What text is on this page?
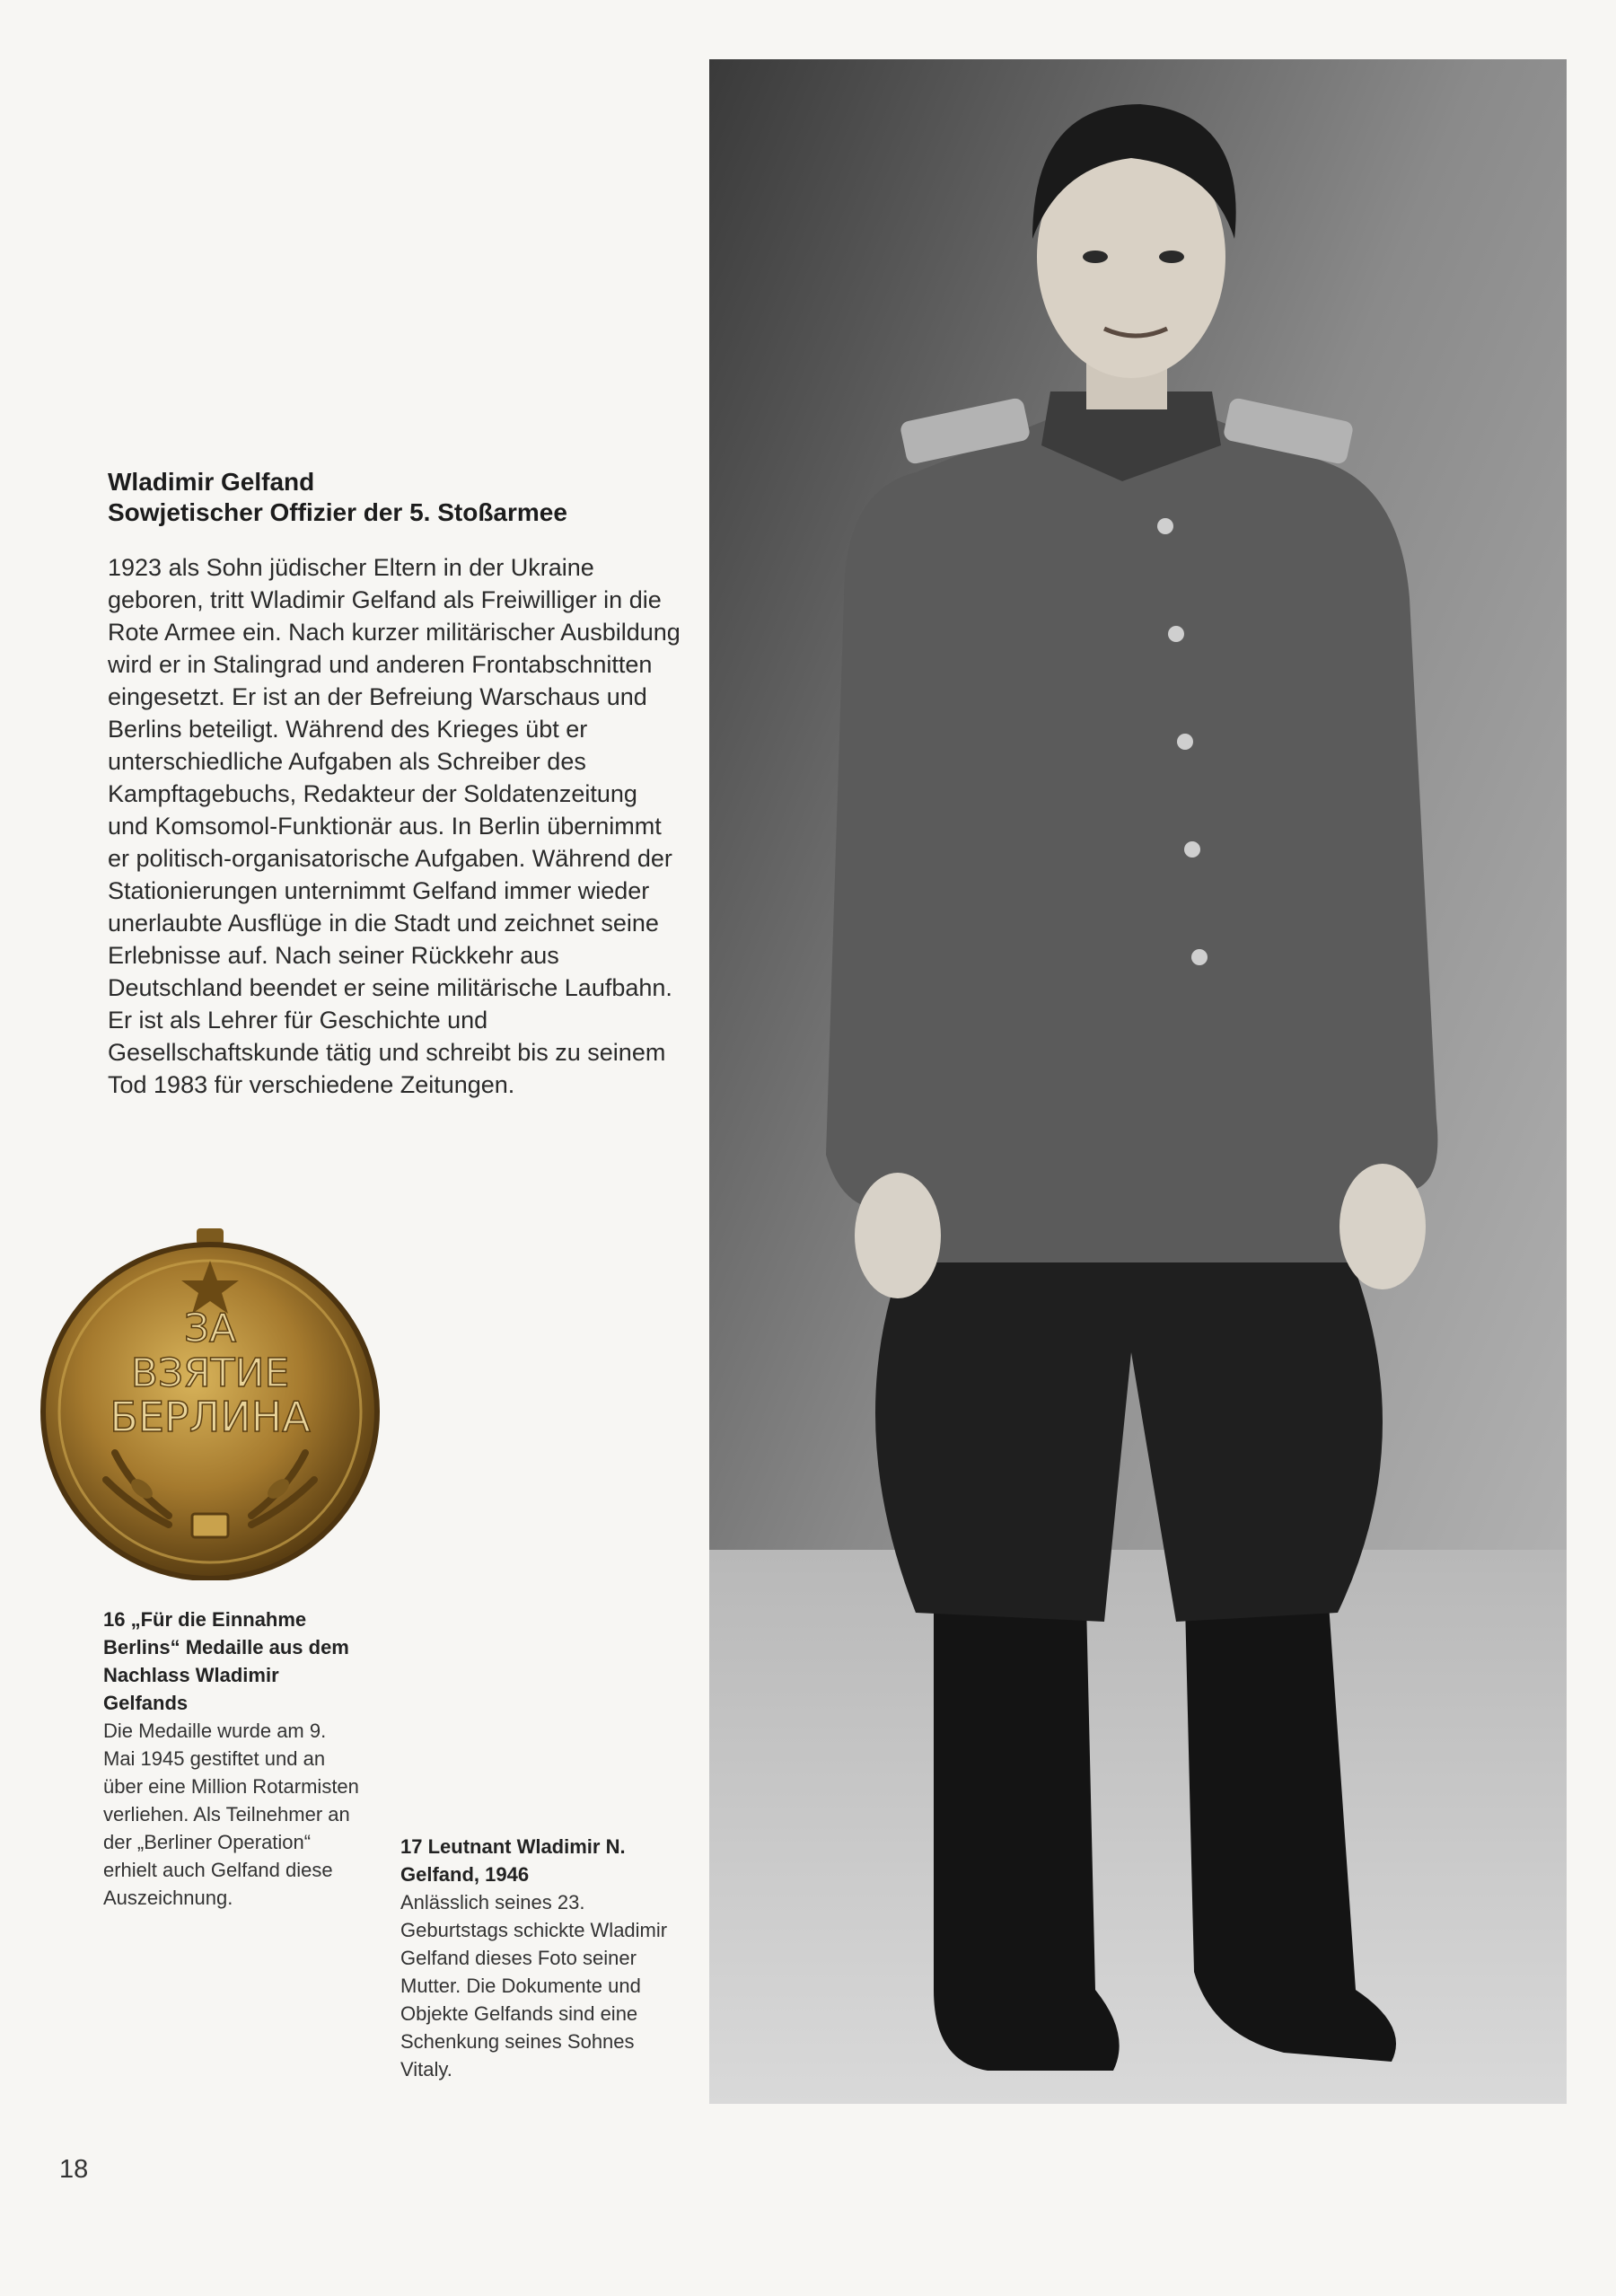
Wladimir Gelfand

Sowjetischer Offizier der 5. Stoßarmee

1923 als Sohn jüdischer Eltern in der Ukraine geboren, tritt Wladimir Gelfand als Freiwilliger in die Rote Armee ein. Nach kurzer militärischer Ausbildung wird er in Stalingrad und anderen Frontabschnitten eingesetzt. Er ist an der Befreiung Warschaus und Berlins beteiligt. Während des Krieges übt er unterschiedliche Aufgaben als Schreiber des Kampftagebuchs, Redakteur der Soldatenzeitung und Komsomol-Funktionär aus. In Berlin übernimmt er politisch-organisatorische Aufgaben. Während der Stationierungen unternimmt Gelfand immer wieder unerlaubte Ausflüge in die Stadt und zeichnet seine Erlebnisse auf. Nach seiner Rückkehr aus Deutschland beendet er seine militärische Laufbahn. Er ist als Lehrer für Geschichte und Gesellschaftskunde tätig und schreibt bis zu seinem Tod 1983 für verschiedene Zeitungen.

ЗА
ВЗЯТИЕ
БЕРЛИНА
16 „Für die Einnahme Berlins“ Medaille aus dem Nachlass Wladimir Gelfands
Die Medaille wurde am 9. Mai 1945 gestiftet und an über eine Million Rotarmisten verliehen. Als Teilnehmer an der „Berliner Operation“ erhielt auch Gelfand diese Auszeichnung.
17 Leutnant Wladimir N. Gelfand, 1946
Anlässlich seines 23. Geburtstags schickte Wladimir Gelfand dieses Foto seiner Mutter. Die Dokumente und Objekte Gelfands sind eine Schenkung seines Sohnes Vitaly.
18
